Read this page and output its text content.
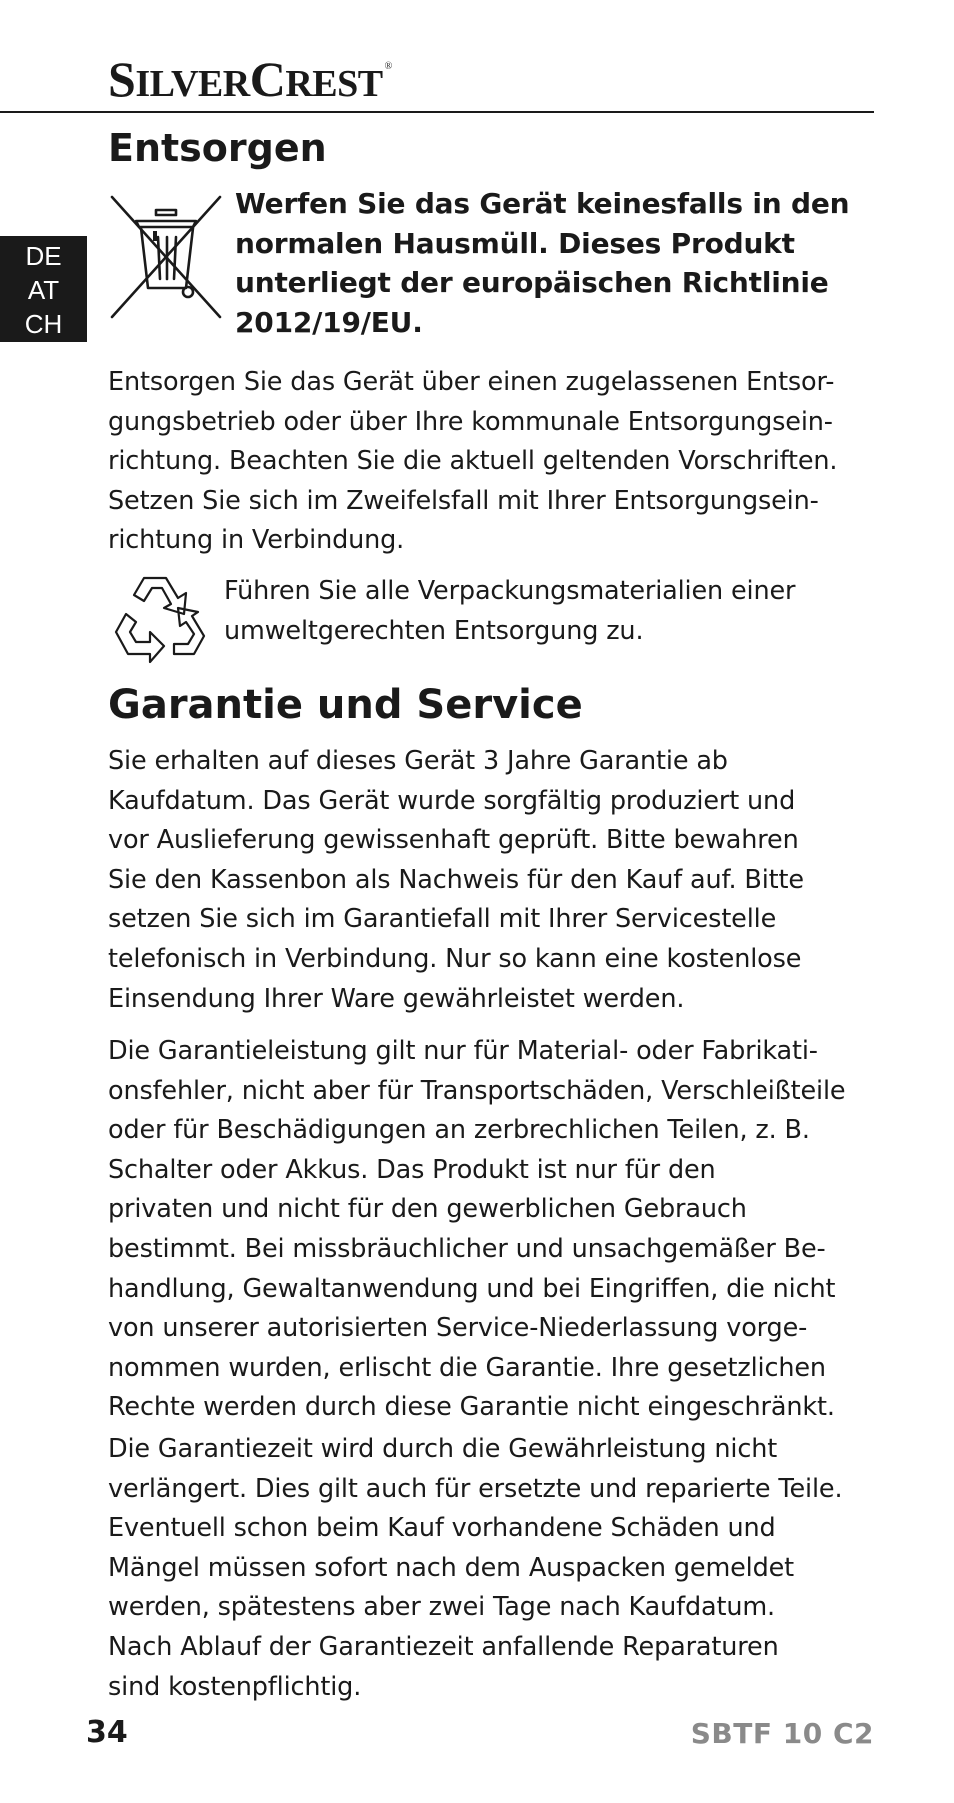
SILVERCREST ®
DE
AT
CH
Entsorgen
Werfen Sie das Gerät keinesfalls in den
normalen Hausmüll. Dieses Produkt
unterliegt der europäischen Richtlinie
2012/19/EU.
Entsorgen Sie das Gerät über einen zugelassenen Entsor-
gungsbetrieb oder über Ihre kommunale Entsorgungsein-
richtung. Beachten Sie die aktuell geltenden Vorschriften.
Setzen Sie sich im Zweifelsfall mit Ihrer Entsorgungsein-
richtung in Verbindung.
Führen Sie alle Verpackungsmaterialien einer
umweltgerechten Entsorgung zu.
Garantie und Service
Sie erhalten auf dieses Gerät 3 Jahre Garantie ab
Kaufdatum. Das Gerät wurde sorgfältig produziert und
vor Auslieferung gewissenhaft geprüft. Bitte bewahren
Sie den Kassenbon als Nachweis für den Kauf auf. Bitte
setzen Sie sich im Garantiefall mit Ihrer Servicestelle
telefonisch in Verbindung. Nur so kann eine kostenlose
Einsendung Ihrer Ware gewährleistet werden.
Die Garantieleistung gilt nur für Material- oder Fabrikati-
onsfehler, nicht aber für Transportschäden, Verschleißteile
oder für Beschädigungen an zerbrechlichen Teilen, z. B.
Schalter oder Akkus. Das Produkt ist nur für den
privaten und nicht für den gewerblichen Gebrauch
bestimmt. Bei missbräuchlicher und unsachgemäßer Be-
handlung, Gewaltanwendung und bei Eingriffen, die nicht
von unserer autorisierten Service-Niederlassung vorge-
nommen wurden, erlischt die Garantie. Ihre gesetzlichen
Rechte werden durch diese Garantie nicht eingeschränkt.
Die Garantiezeit wird durch die Gewährleistung nicht
verlängert. Dies gilt auch für ersetzte und reparierte Teile.
Eventuell schon beim Kauf vorhandene Schäden und
Mängel müssen sofort nach dem Auspacken gemeldet
werden, spätestens aber zwei Tage nach Kaufdatum.
Nach Ablauf der Garantiezeit anfallende Reparaturen
sind kostenpflichtig.
34	SBTF 10 C2
